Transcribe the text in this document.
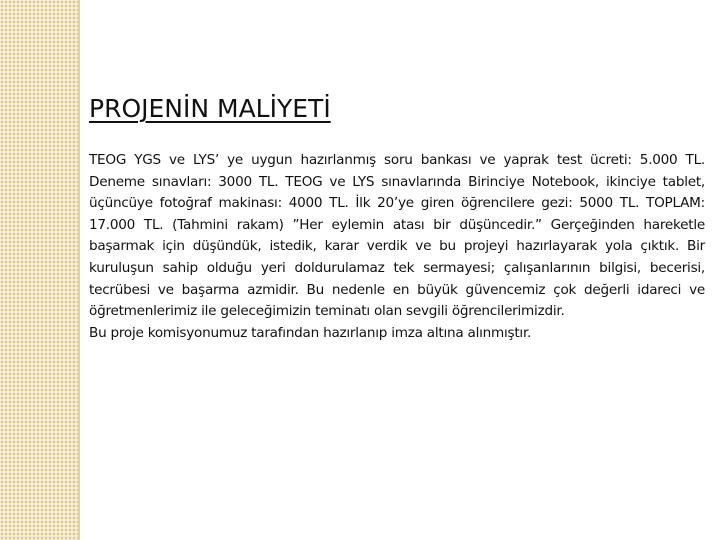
PROJENİN MALİYETİ

TEOG YGS ve LYS’ ye uygun hazırlanmış soru bankası ve yaprak test ücreti: 5.000 TL. Deneme sınavları: 3000 TL. TEOG ve LYS sınavlarında Birinciye Notebook, ikinciye tablet, üçüncüye fotoğraf makinası: 4000 TL. İlk 20’ye giren öğrencilere gezi: 5000 TL. TOPLAM: 17.000 TL. (Tahmini rakam) ”Her eylemin atası bir düşüncedir.” Gerçeğinden hareketle başarmak için düşündük, istedik, karar verdik ve bu projeyi hazırlayarak yola çıktık. Bir kuruluşun sahip olduğu yeri doldurulamaz tek sermayesi; çalışanlarının bilgisi, becerisi, tecrübesi ve başarma azmidir. Bu nedenle en büyük güvencemiz çok değerli idareci ve öğretmenlerimiz ile geleceğimizin teminatı olan sevgili öğrencilerimizdir.

Bu proje komisyonumuz tarafından hazırlanıp imza altına alınmıştır.
